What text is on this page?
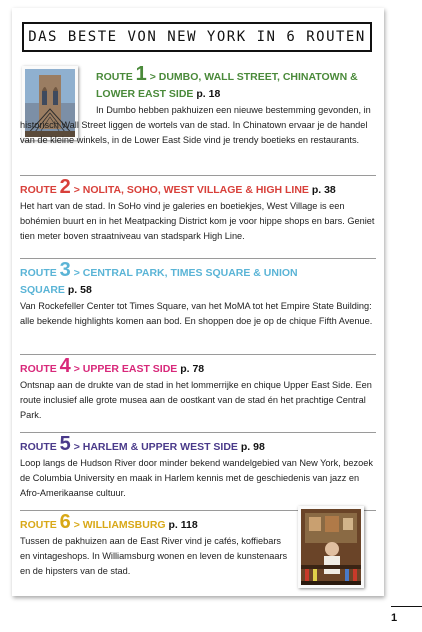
DAS BESTE VON NEW YORK IN 6 ROUTEN

ROUTE 1 > DUMBO, WALL STREET, CHINATOWN & LOWER EAST SIDE p. 18

In Dumbo hebben pakhuizen een nieuwe bestemming gevonden, in historisch Wall Street liggen de wortels van de stad. In Chinatown ervaar je de handel van de kleine winkels, in de Lower East Side vind je trendy boetieks en restaurants.

ROUTE 2 > NOLITA, SOHO, WEST VILLAGE & HIGH LINE p. 38

Het hart van de stad. In SoHo vind je galeries en boetiekjes, West Village is een bohémien buurt en in het Meatpacking District kom je voor hippe shops en bars. Geniet tien meter boven straatniveau van stadspark High Line.

ROUTE 3 > CENTRAL PARK, TIMES SQUARE & UNION SQUARE p. 58

Van Rockefeller Center tot Times Square, van het MoMA tot het Empire State Building: alle bekende highlights komen aan bod. En shoppen doe je op de chique Fifth Avenue.

ROUTE 4 > UPPER EAST SIDE p. 78

Ontsnap aan de drukte van de stad in het lommerrijke en chique Upper East Side. Een route inclusief alle grote musea aan de oostkant van de stad én het prachtige Central Park.

ROUTE 5 > HARLEM & UPPER WEST SIDE p. 98

Loop langs de Hudson River door minder bekend wandelgebied van New York, bezoek de Columbia University en maak in Harlem kennis met de geschiedenis van jazz en Afro-Amerikaanse cultuur.

ROUTE 6 > WILLIAMSBURG p. 118

Tussen de pakhuizen aan de East River vind je cafés, koffiebars en vintageshops. In Williamsburg wonen en leven de kunstenaars en de hipsters van de stad.

1
